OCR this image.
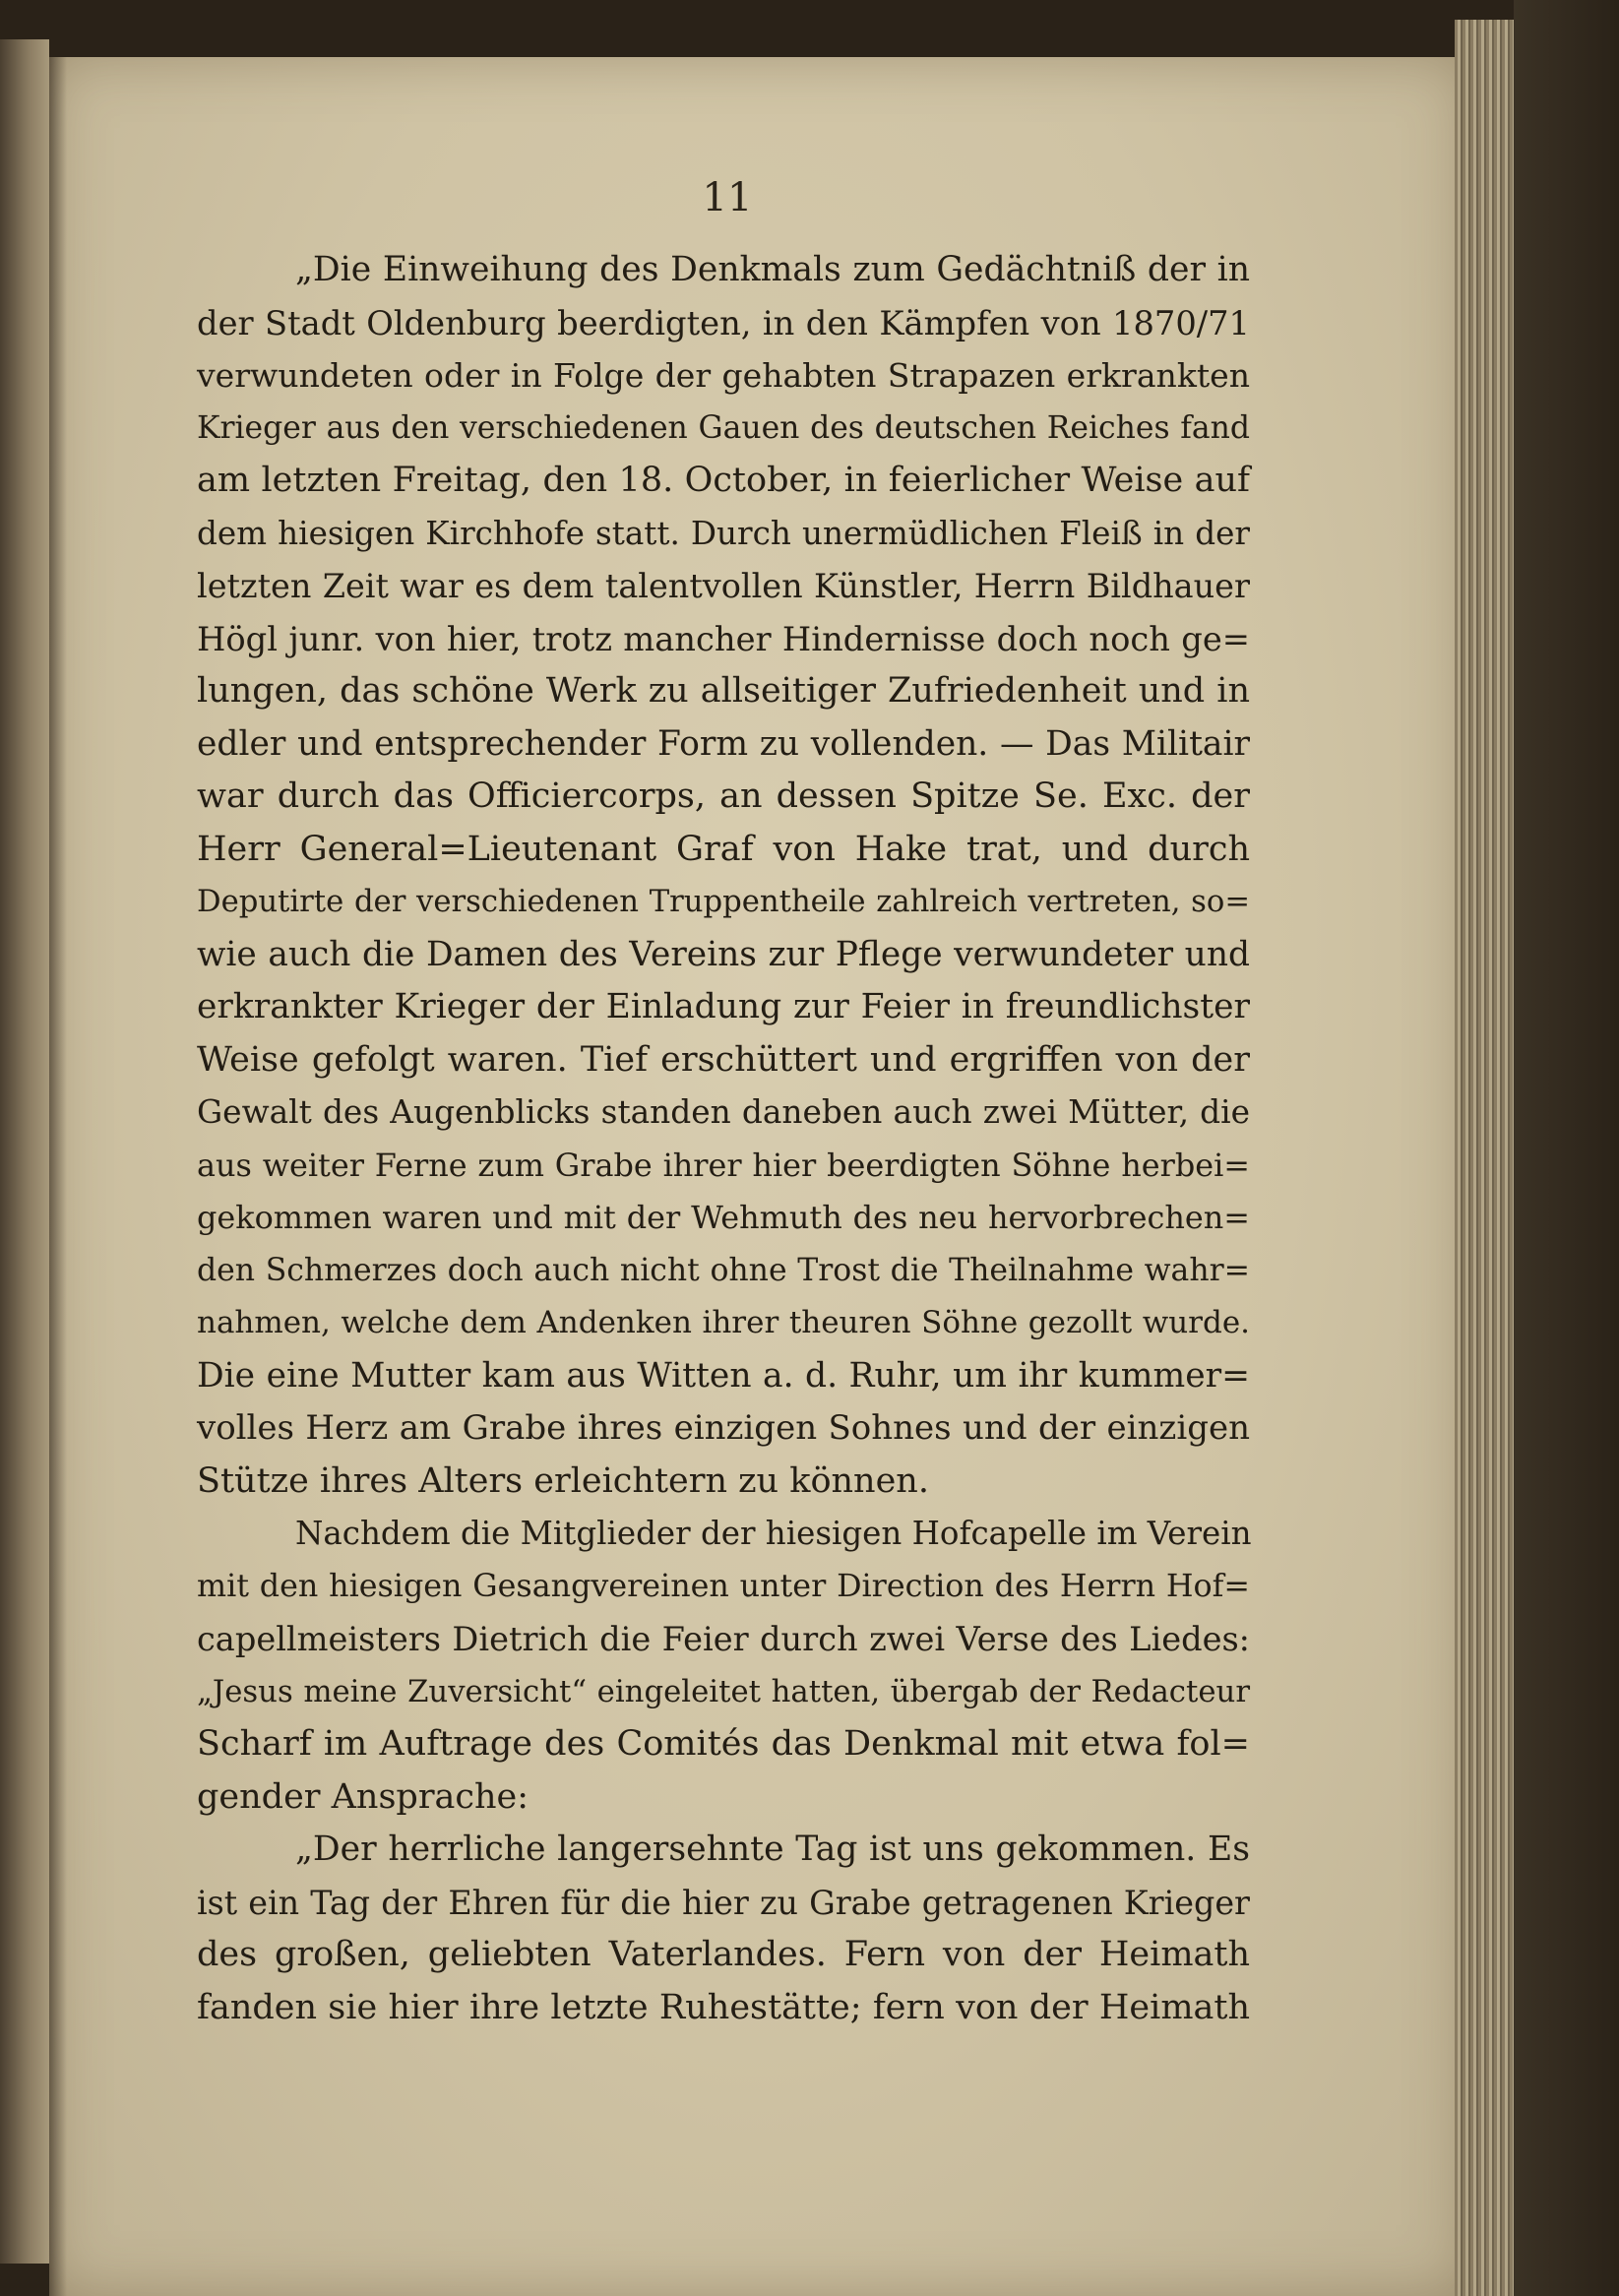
11
„Die Einweihung des Denkmals zum Gedächtniß der in
der Stadt Oldenburg beerdigten, in den Kämpfen von 1870/71
verwundeten oder in Folge der gehabten Strapazen erkrankten
Krieger aus den verschiedenen Gauen des deutschen Reiches fand
am letzten Freitag, den 18. October, in feierlicher Weise auf
dem hiesigen Kirchhofe statt. Durch unermüdlichen Fleiß in der
letzten Zeit war es dem talentvollen Künstler, Herrn Bildhauer
Högl junr. von hier, trotz mancher Hindernisse doch noch ge=
lungen, das schöne Werk zu allseitiger Zufriedenheit und in
edler und entsprechender Form zu vollenden. — Das Militair
war durch das Officiercorps, an dessen Spitze Se. Exc. der
Herr General=Lieutenant Graf von Hake trat, und durch
Deputirte der verschiedenen Truppentheile zahlreich vertreten, so=
wie auch die Damen des Vereins zur Pflege verwundeter und
erkrankter Krieger der Einladung zur Feier in freundlichster
Weise gefolgt waren. Tief erschüttert und ergriffen von der
Gewalt des Augenblicks standen daneben auch zwei Mütter, die
aus weiter Ferne zum Grabe ihrer hier beerdigten Söhne herbei=
gekommen waren und mit der Wehmuth des neu hervorbrechen=
den Schmerzes doch auch nicht ohne Trost die Theilnahme wahr=
nahmen, welche dem Andenken ihrer theuren Söhne gezollt wurde.
Die eine Mutter kam aus Witten a. d. Ruhr, um ihr kummer=
volles Herz am Grabe ihres einzigen Sohnes und der einzigen
Stütze ihres Alters erleichtern zu können.
Nachdem die Mitglieder der hiesigen Hofcapelle im Verein
mit den hiesigen Gesangvereinen unter Direction des Herrn Hof=
capellmeisters Dietrich die Feier durch zwei Verse des Liedes:
„Jesus meine Zuversicht“ eingeleitet hatten, übergab der Redacteur
Scharf im Auftrage des Comités das Denkmal mit etwa fol=
gender Ansprache:
„Der herrliche langersehnte Tag ist uns gekommen. Es
ist ein Tag der Ehren für die hier zu Grabe getragenen Krieger
des großen, geliebten Vaterlandes. Fern von der Heimath
fanden sie hier ihre letzte Ruhestätte; fern von der Heimath
